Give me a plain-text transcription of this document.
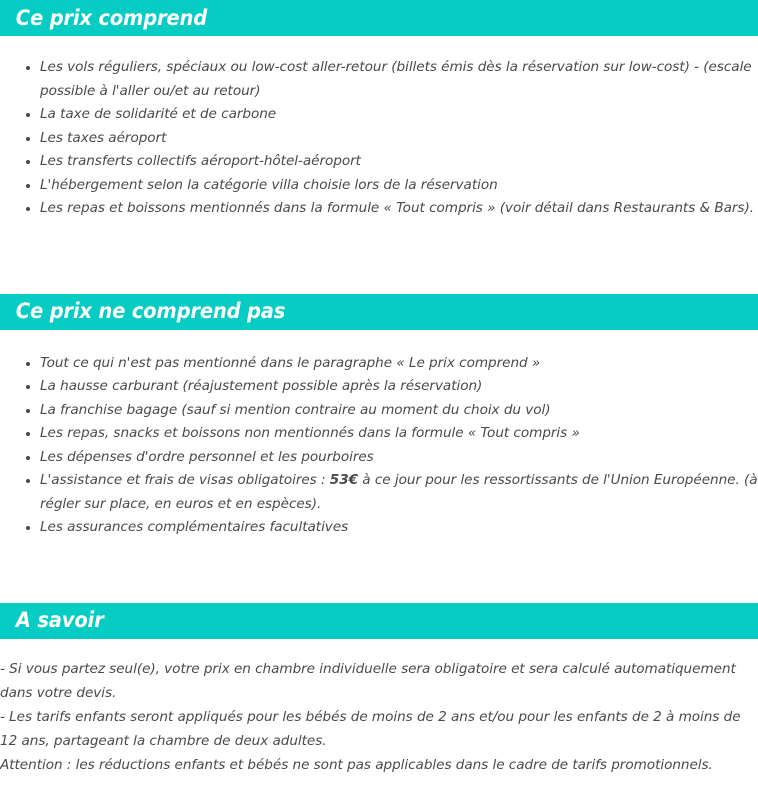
Ce prix comprend
Les vols réguliers, spéciaux ou low-cost aller-retour (billets émis dès la réservation sur low-cost) - (escale possible à l'aller ou/et au retour)
La taxe de solidarité et de carbone
Les taxes aéroport
Les transferts collectifs aéroport-hôtel-aéroport
L'hébergement selon la catégorie villa choisie lors de la réservation
Les repas et boissons mentionnés dans la formule « Tout compris » (voir détail dans Restaurants & Bars).
Ce prix ne comprend pas
Tout ce qui n'est pas mentionné dans le paragraphe « Le prix comprend »
La hausse carburant (réajustement possible après la réservation)
La franchise bagage (sauf si mention contraire au moment du choix du vol)
Les repas, snacks et boissons non mentionnés dans la formule « Tout compris »
Les dépenses d'ordre personnel et les pourboires
L'assistance et frais de visas obligatoires : 53€ à ce jour pour les ressortissants de l'Union Européenne. (à régler sur place, en euros et en espèces).
Les assurances complémentaires facultatives
A savoir

- Si vous partez seul(e), votre prix en chambre individuelle sera obligatoire et sera calculé automatiquement dans votre devis.

- Les tarifs enfants seront appliqués pour les bébés de moins de 2 ans et/ou pour les enfants de 2 à moins de 12 ans, partageant la chambre de deux adultes.

Attention : les réductions enfants et bébés ne sont pas applicables dans le cadre de tarifs promotionnels.
